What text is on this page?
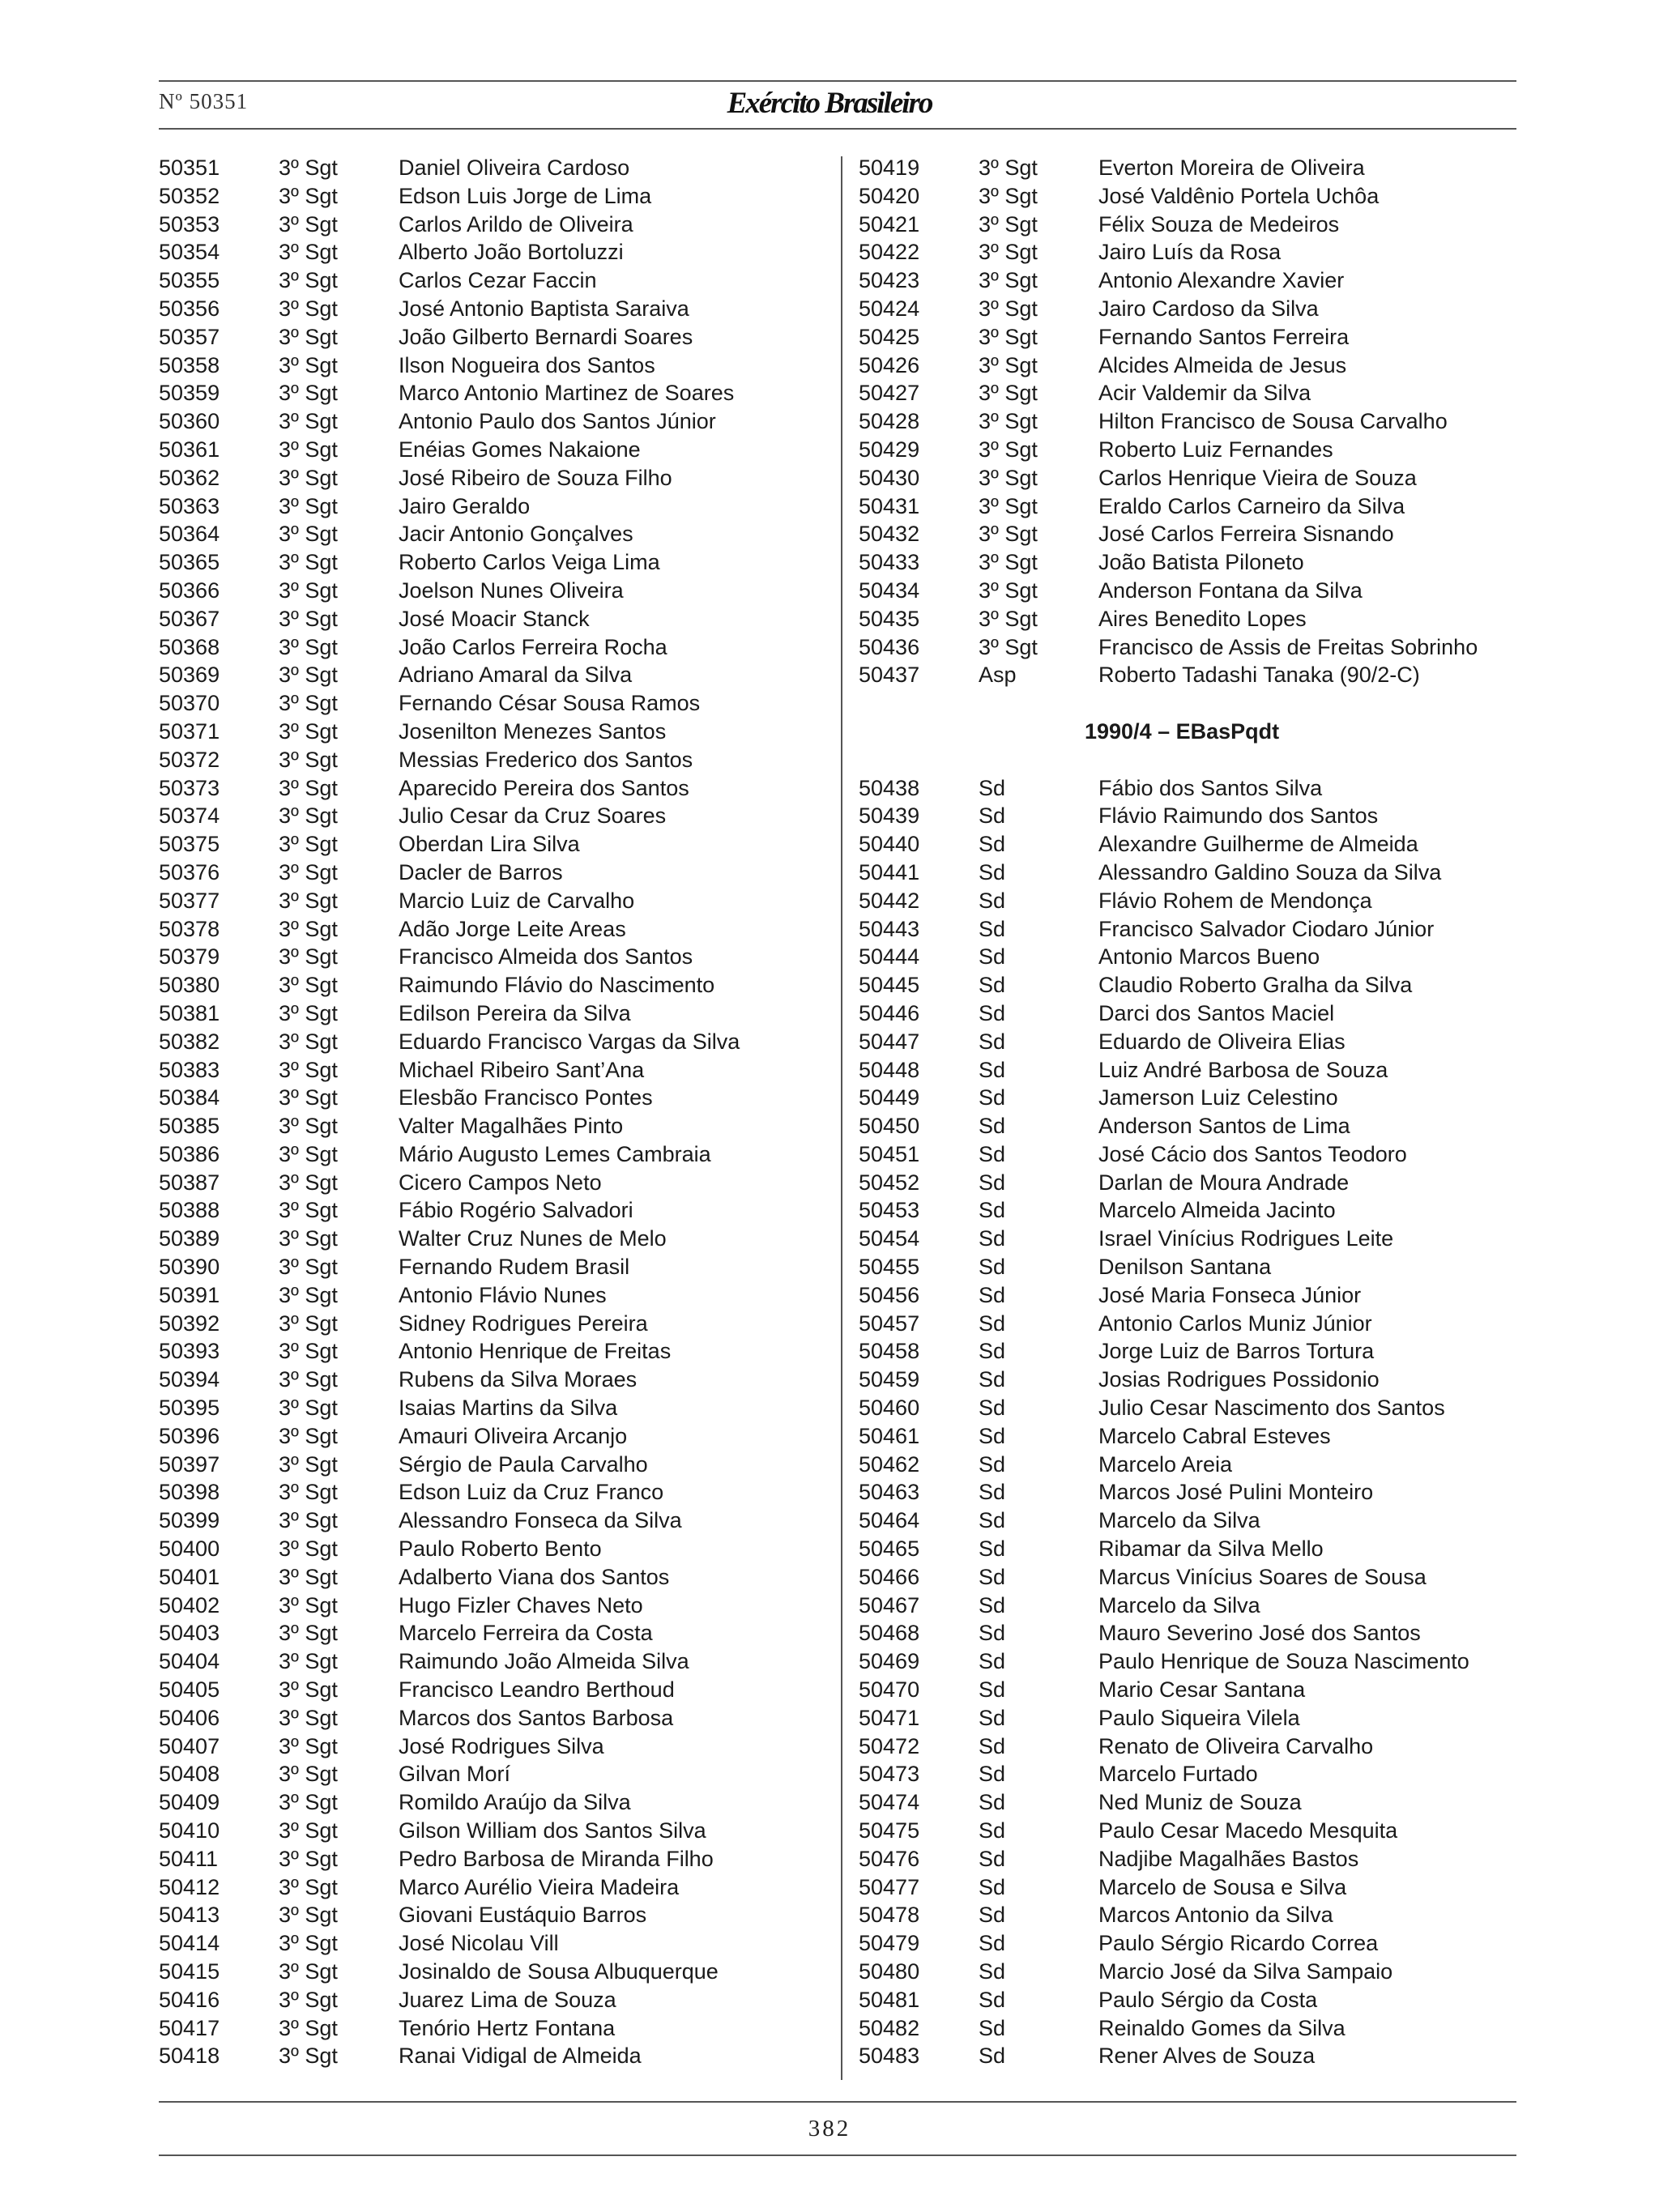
Nº 50351	Exército Brasileiro
50351	3º Sgt	Daniel Oliveira Cardoso
50352	3º Sgt	Edson Luis Jorge de Lima
50353	3º Sgt	Carlos Arildo de Oliveira
50354	3º Sgt	Alberto João Bortoluzzi
50355	3º Sgt	Carlos Cezar Faccin
50356	3º Sgt	José Antonio Baptista Saraiva
50357	3º Sgt	João Gilberto Bernardi Soares
50358	3º Sgt	Ilson Nogueira dos Santos
50359	3º Sgt	Marco Antonio Martinez de Soares
50360	3º Sgt	Antonio Paulo dos Santos Júnior
50361	3º Sgt	Enéias Gomes Nakaione
50362	3º Sgt	José Ribeiro de Souza Filho
50363	3º Sgt	Jairo Geraldo
50364	3º Sgt	Jacir Antonio Gonçalves
50365	3º Sgt	Roberto Carlos Veiga Lima
50366	3º Sgt	Joelson Nunes Oliveira
50367	3º Sgt	José Moacir Stanck
50368	3º Sgt	João Carlos Ferreira Rocha
50369	3º Sgt	Adriano Amaral da Silva
50370	3º Sgt	Fernando César Sousa Ramos
50371	3º Sgt	Josenilton Menezes Santos
50372	3º Sgt	Messias Frederico dos Santos
50373	3º Sgt	Aparecido Pereira dos Santos
50374	3º Sgt	Julio Cesar da Cruz Soares
50375	3º Sgt	Oberdan Lira Silva
50376	3º Sgt	Dacler de Barros
50377	3º Sgt	Marcio Luiz de Carvalho
50378	3º Sgt	Adão Jorge Leite Areas
50379	3º Sgt	Francisco Almeida dos Santos
50380	3º Sgt	Raimundo Flávio do Nascimento
50381	3º Sgt	Edilson Pereira da Silva
50382	3º Sgt	Eduardo Francisco Vargas da Silva
50383	3º Sgt	Michael Ribeiro Sant’Ana
50384	3º Sgt	Elesbão Francisco Pontes
50385	3º Sgt	Valter Magalhães Pinto
50386	3º Sgt	Mário Augusto Lemes Cambraia
50387	3º Sgt	Cicero Campos Neto
50388	3º Sgt	Fábio Rogério Salvadori
50389	3º Sgt	Walter Cruz Nunes de Melo
50390	3º Sgt	Fernando Rudem Brasil
50391	3º Sgt	Antonio Flávio Nunes
50392	3º Sgt	Sidney Rodrigues Pereira
50393	3º Sgt	Antonio Henrique de Freitas
50394	3º Sgt	Rubens da Silva Moraes
50395	3º Sgt	Isaias Martins da Silva
50396	3º Sgt	Amauri Oliveira Arcanjo
50397	3º Sgt	Sérgio de Paula Carvalho
50398	3º Sgt	Edson Luiz da Cruz Franco
50399	3º Sgt	Alessandro Fonseca da Silva
50400	3º Sgt	Paulo Roberto Bento
50401	3º Sgt	Adalberto Viana dos Santos
50402	3º Sgt	Hugo Fizler Chaves Neto
50403	3º Sgt	Marcelo Ferreira da Costa
50404	3º Sgt	Raimundo João Almeida Silva
50405	3º Sgt	Francisco Leandro Berthoud
50406	3º Sgt	Marcos dos Santos Barbosa
50407	3º Sgt	José Rodrigues Silva
50408	3º Sgt	Gilvan Morí
50409	3º Sgt	Romildo Araújo da Silva
50410	3º Sgt	Gilson William dos Santos Silva
50411	3º Sgt	Pedro Barbosa de Miranda Filho
50412	3º Sgt	Marco Aurélio Vieira Madeira
50413	3º Sgt	Giovani Eustáquio Barros
50414	3º Sgt	José Nicolau Vill
50415	3º Sgt	Josinaldo de Sousa Albuquerque
50416	3º Sgt	Juarez Lima de Souza
50417	3º Sgt	Tenório Hertz Fontana
50418	3º Sgt	Ranai Vidigal de Almeida
50419	3º Sgt	Everton Moreira de Oliveira
50420	3º Sgt	José Valdênio Portela Uchôa
50421	3º Sgt	Félix Souza de Medeiros
50422	3º Sgt	Jairo Luís da Rosa
50423	3º Sgt	Antonio Alexandre Xavier
50424	3º Sgt	Jairo Cardoso da Silva
50425	3º Sgt	Fernando Santos Ferreira
50426	3º Sgt	Alcides Almeida de Jesus
50427	3º Sgt	Acir Valdemir da Silva
50428	3º Sgt	Hilton Francisco de Sousa Carvalho
50429	3º Sgt	Roberto Luiz Fernandes
50430	3º Sgt	Carlos Henrique Vieira de Souza
50431	3º Sgt	Eraldo Carlos Carneiro da Silva
50432	3º Sgt	José Carlos Ferreira Sisnando
50433	3º Sgt	João Batista Piloneto
50434	3º Sgt	Anderson Fontana da Silva
50435	3º Sgt	Aires Benedito Lopes
50436	3º Sgt	Francisco de Assis de Freitas Sobrinho
50437	Asp	Roberto Tadashi Tanaka (90/2-C)
1990/4 – EBasPqdt
50438	Sd	Fábio dos Santos Silva
50439	Sd	Flávio Raimundo dos Santos
50440	Sd	Alexandre Guilherme de Almeida
50441	Sd	Alessandro Galdino Souza da Silva
50442	Sd	Flávio Rohem de Mendonça
50443	Sd	Francisco Salvador Ciodaro Júnior
50444	Sd	Antonio Marcos Bueno
50445	Sd	Claudio Roberto Gralha da Silva
50446	Sd	Darci dos Santos Maciel
50447	Sd	Eduardo de Oliveira Elias
50448	Sd	Luiz André Barbosa de Souza
50449	Sd	Jamerson Luiz Celestino
50450	Sd	Anderson Santos de Lima
50451	Sd	José Cácio dos Santos Teodoro
50452	Sd	Darlan de Moura Andrade
50453	Sd	Marcelo Almeida Jacinto
50454	Sd	Israel Vinícius Rodrigues Leite
50455	Sd	Denilson Santana
50456	Sd	José Maria Fonseca Júnior
50457	Sd	Antonio Carlos Muniz Júnior
50458	Sd	Jorge Luiz de Barros Tortura
50459	Sd	Josias Rodrigues Possidonio
50460	Sd	Julio Cesar Nascimento dos Santos
50461	Sd	Marcelo Cabral Esteves
50462	Sd	Marcelo Areia
50463	Sd	Marcos José Pulini Monteiro
50464	Sd	Marcelo da Silva
50465	Sd	Ribamar da Silva Mello
50466	Sd	Marcus Vinícius Soares de Sousa
50467	Sd	Marcelo da Silva
50468	Sd	Mauro Severino José dos Santos
50469	Sd	Paulo Henrique de Souza Nascimento
50470	Sd	Mario Cesar Santana
50471	Sd	Paulo Siqueira Vilela
50472	Sd	Renato de Oliveira Carvalho
50473	Sd	Marcelo Furtado
50474	Sd	Ned Muniz de Souza
50475	Sd	Paulo Cesar Macedo Mesquita
50476	Sd	Nadjibe Magalhães Bastos
50477	Sd	Marcelo de Sousa e Silva
50478	Sd	Marcos Antonio da Silva
50479	Sd	Paulo Sérgio Ricardo Correa
50480	Sd	Marcio José da Silva Sampaio
50481	Sd	Paulo Sérgio da Costa
50482	Sd	Reinaldo Gomes da Silva
50483	Sd	Rener Alves de Souza
382
